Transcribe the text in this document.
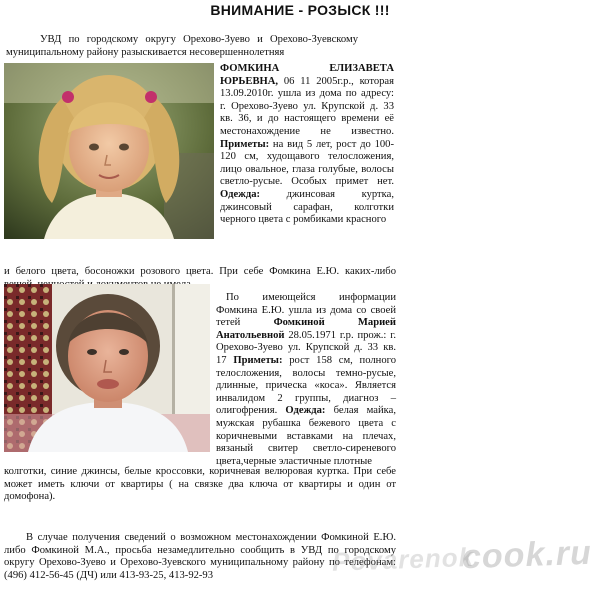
ВНИМАНИЕ - РОЗЫСК !!!
УВД по городскому округу Орехово-Зуево и Орехово-Зуевскому муниципальному району разыскивается несовершеннолетняя
ФОМКИНА ЕЛИЗАВЕТА ЮРЬЕВНА, 06 11 2005г.р., которая 13.09.2010г. ушла из дома по адресу: г. Орехово-Зуево ул. Крупской д. 33 кв. 36, и до настоящего времени её местонахождение не известно. Приметы: на вид 5 лет, рост до 100-120 см, худощавого телосложения, лицо овальное, глаза голубые, волосы светло-русые. Особых примет нет. Одежда: джинсовая куртка, джинсовый сарафан, колготки черного цвета с ромбиками красного
и белого цвета, босоножки розового цвета. При себе Фомкина Е.Ю. каких-либо
По имеющейся информации Фомкина Е.Ю. ушла из дома со своей тетей	Фомкиной Марией Анатольевной 28.05.1971 г.р. прож.: г. Орехово-Зуево ул. Крупской д. 33 кв. 17 Приметы: рост 158 см, полного телосложения, волосы темно-русые, длинные, прическа «коса». Является инвалидом 2 группы, диагноз – олигофрения. Одежда: белая майка, мужская рубашка бежевого цвета с коричневыми вставками на плечах, вязаный свитер светло-сиреневого цвета,черные эластичные плотные
колготки, синие джинсы, белые кроссовки, коричневая велюровая куртка. При себе может иметь ключи от квартиры ( на связке два ключа от квартиры и один от домофона).
В случае получения сведений о возможном местонахождении Фомкиной Е.Ю. либо Фомкиной М.А., просьба незамедлительно сообщить в УВД по городскому округу Орехово-Зуево и Орехово-Зуевского муниципальному району по телефонам: (496) 412-56-45 (ДЧ) или 413-93-25, 413-92-93	Povarenok
cook.ru
